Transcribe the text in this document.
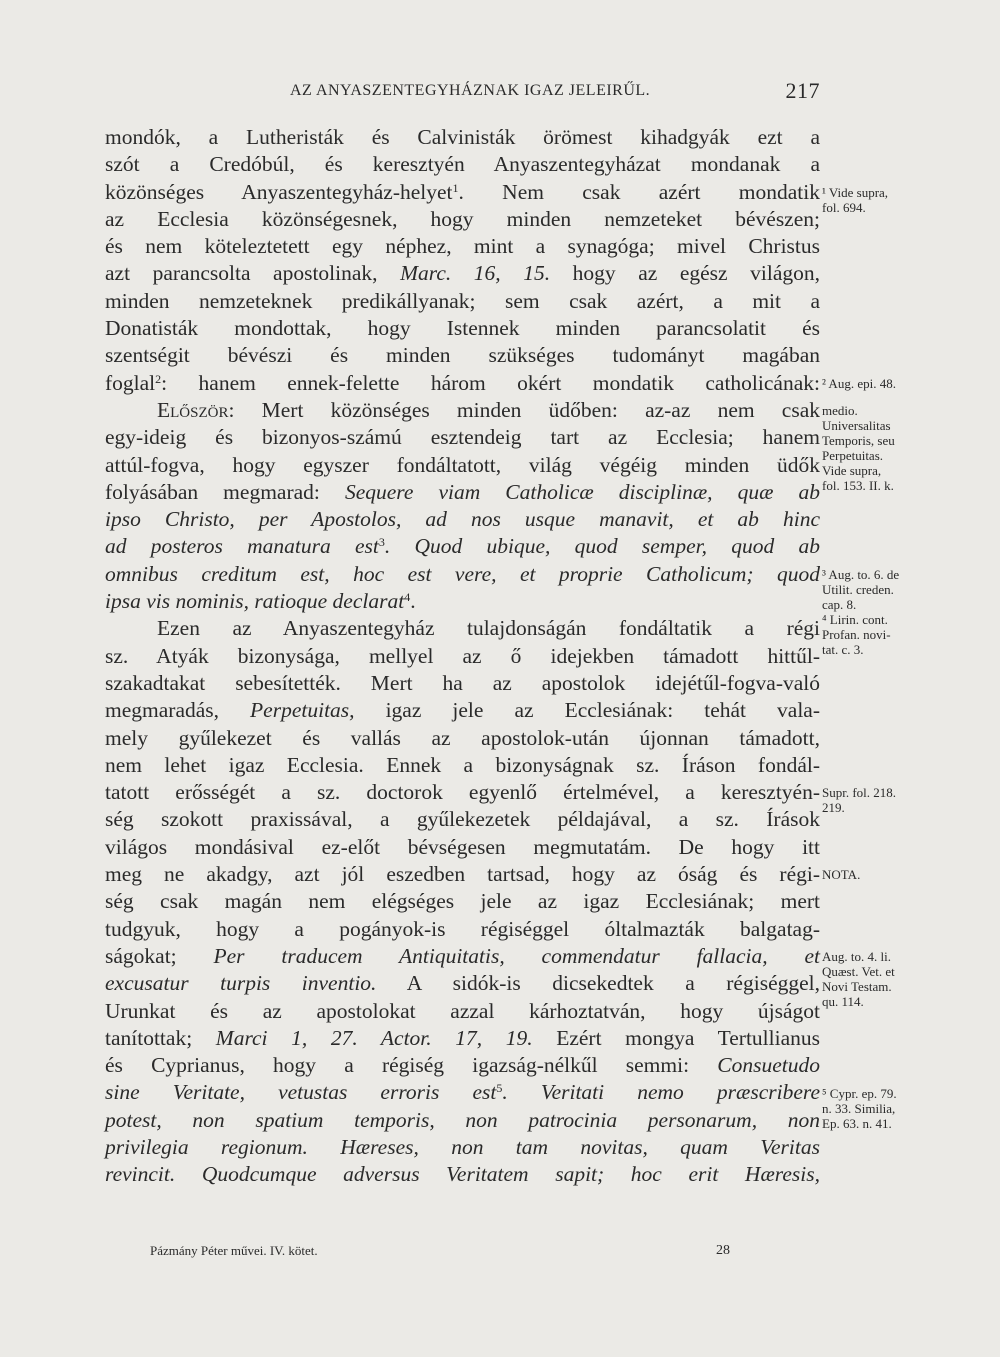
AZ ANYASZENTEGYHÁZNAK IGAZ JELEIRŰL.	217
mondók, a Lutheristák és Calvinisták örömest kihadgyák ezt a
szót a Credóbúl, és keresztyén Anyaszentegyházat mondanak a
közönséges Anyaszentegyház-helyet$^1$. Nem csak azért mondatik
az Ecclesia közönségesnek, hogy minden nemzeteket bévészen;
és nem köteleztetett egy néphez, mint a synagóga; mivel Christus
azt parancsolta apostolinak, Marc. 16, 15. hogy az egész világon,
minden nemzeteknek predikállyanak; sem csak azért, a mit a
Donatisták mondottak, hogy Istennek minden parancsolatit és
szentségit bévészi és minden szükséges tudományt magában
foglal$^2$: hanem ennek-felette három okért mondatik catholicának:
Először: Mert közönséges minden üdőben: az-az nem csak
egy-ideig és bizonyos-számú esztendeig tart az Ecclesia; hanem
attúl-fogva, hogy egyszer fondáltatott, világ végéig minden üdők
folyásában megmarad: Sequere viam Catholicæ disciplinæ, quæ ab
ipso Christo, per Apostolos, ad nos usque manavit, et ab hinc
ad posteros manatura est$^3$. Quod ubique, quod semper, quod ab
omnibus creditum est, hoc est vere, et proprie Catholicum; quod
ipsa vis nominis, ratioque declarat$^4$.
Ezen az Anyaszentegyház tulajdonságán fondáltatik a régi
sz. Atyák bizonysága, mellyel az ő idejekben támadott hittűl-
szakadtakat sebesítették. Mert ha az apostolok idejétűl-fogva-való
megmaradás, Perpetuitas, igaz jele az Ecclesiának: tehát vala-
mely gyűlekezet és vallás az apostolok-után újonnan támadott,
nem lehet igaz Ecclesia. Ennek a bizonyságnak sz. Íráson fondál-
tatott erősségét a sz. doctorok egyenlő értelmével, a keresztyén-
ség szokott praxissával, a gyűlekezetek példajával, a sz. Írások
világos mondásival ez-előt bévségesen megmutatám. De hogy itt
meg ne akadgy, azt jól eszedben tartsad, hogy az óság és régi-
ség csak magán nem elégséges jele az igaz Ecclesiának; mert
tudgyuk, hogy a pogányok-is régiséggel óltalmazták balgatag-
ságokat; Per traducem Antiquitatis, commendatur fallacia, et
excusatur turpis inventio. A sidók-is dicsekedtek a régiséggel,
Urunkat és az apostolokat azzal kárhoztatván, hogy újságot
tanítottak; Marci 1, 27. Actor. 17, 19. Ezért mongya Tertullianus
és Cyprianus, hogy a régiség igazság-nélkűl semmi: Consuetudo
sine Veritate, vetustas erroris est$^5$. Veritati nemo præscribere
potest, non spatium temporis, non patrocinia personarum, non
privilegia regionum. Hæreses, non tam novitas, quam Veritas
revincit. Quodcumque adversus Veritatem sapit; hoc erit Hæresis,
¹ Vide supra,
fol. 694.
² Aug. epi. 48.
medio.
Universalitas
Temporis, seu
Perpetuitas.
Vide supra,
fol. 153. II. k.
³ Aug. to. 6. de
Utilit. creden.
cap. 8.
⁴ Lirin. cont.
Profan. novi-
tat. c. 3.
Supr. fol. 218.
219.
NOTA.
Aug. to. 4. li.
Quæst. Vet. et
Novi Testam.
qu. 114.
⁵ Cypr. ep. 79.
n. 33. Similia,
Ep. 63. n. 41.
Pázmány Péter művei. IV. kötet.	28
